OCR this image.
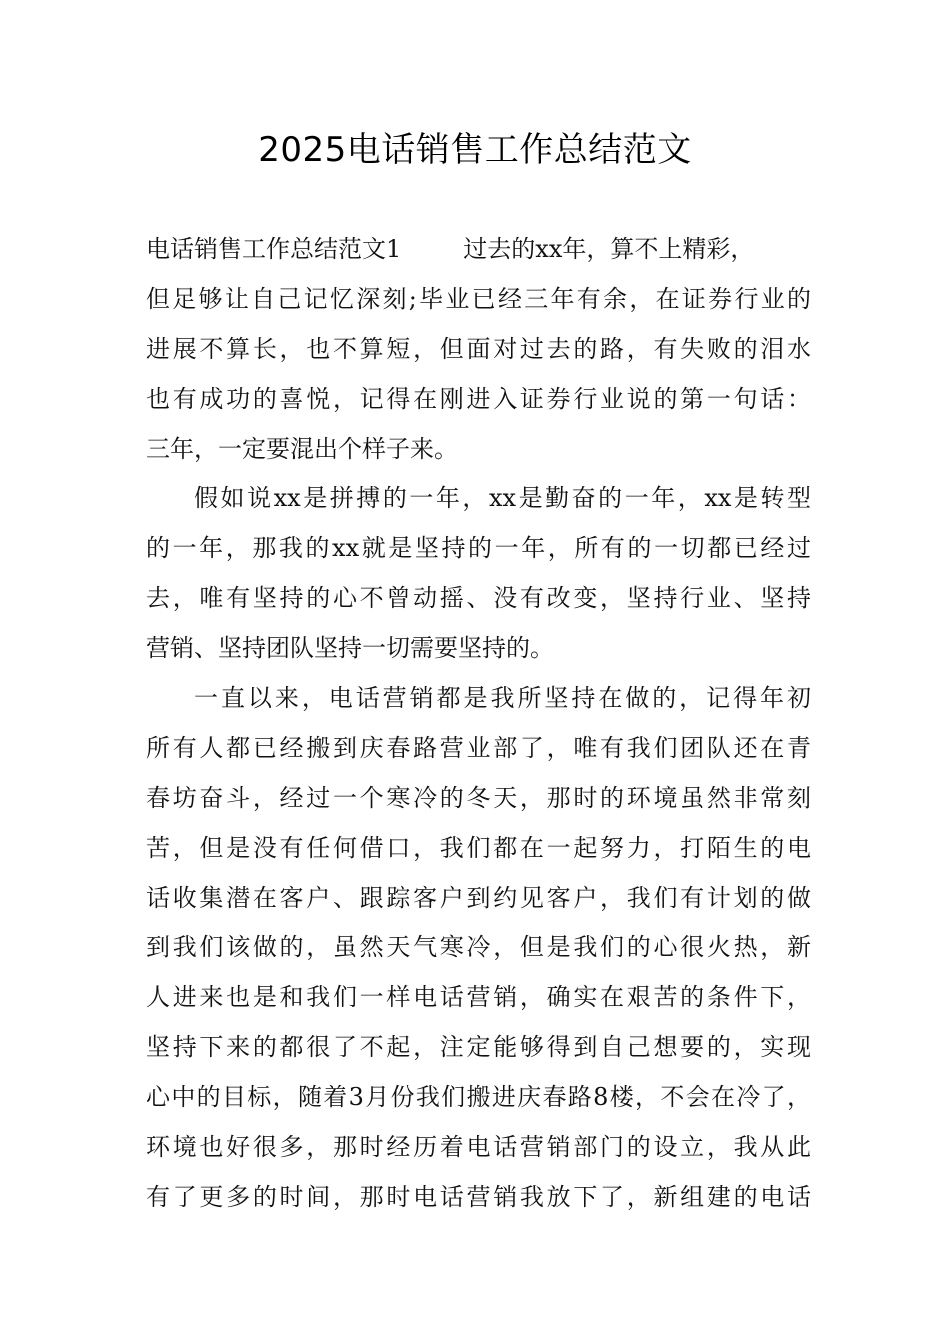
2025电话销售工作总结范文
电话销售工作总结范文1	过去的xx年，算不上精彩，
但足够让自己记忆深刻;毕业已经三年有余，在证券行业的
进展不算长，也不算短，但面对过去的路，有失败的泪水
也有成功的喜悦，记得在刚进入证券行业说的第一句话：
三年，一定要混出个样子来。
假如说xx是拼搏的一年，xx是勤奋的一年，xx是转型
的一年，那我的xx就是坚持的一年，所有的一切都已经过
去，唯有坚持的心不曾动摇、没有改变，坚持行业、坚持
营销、坚持团队坚持一切需要坚持的。
一直以来，电话营销都是我所坚持在做的，记得年初
所有人都已经搬到庆春路营业部了，唯有我们团队还在青
春坊奋斗，经过一个寒冷的冬天，那时的环境虽然非常刻
苦，但是没有任何借口，我们都在一起努力，打陌生的电
话收集潜在客户、跟踪客户到约见客户，我们有计划的做
到我们该做的，虽然天气寒冷，但是我们的心很火热，新
人进来也是和我们一样电话营销，确实在艰苦的条件下，
坚持下来的都很了不起，注定能够得到自己想要的，实现
心中的目标，随着3月份我们搬进庆春路8楼，不会在冷了，
环境也好很多，那时经历着电话营销部门的设立，我从此
有了更多的时间，那时电话营销我放下了，新组建的电话
